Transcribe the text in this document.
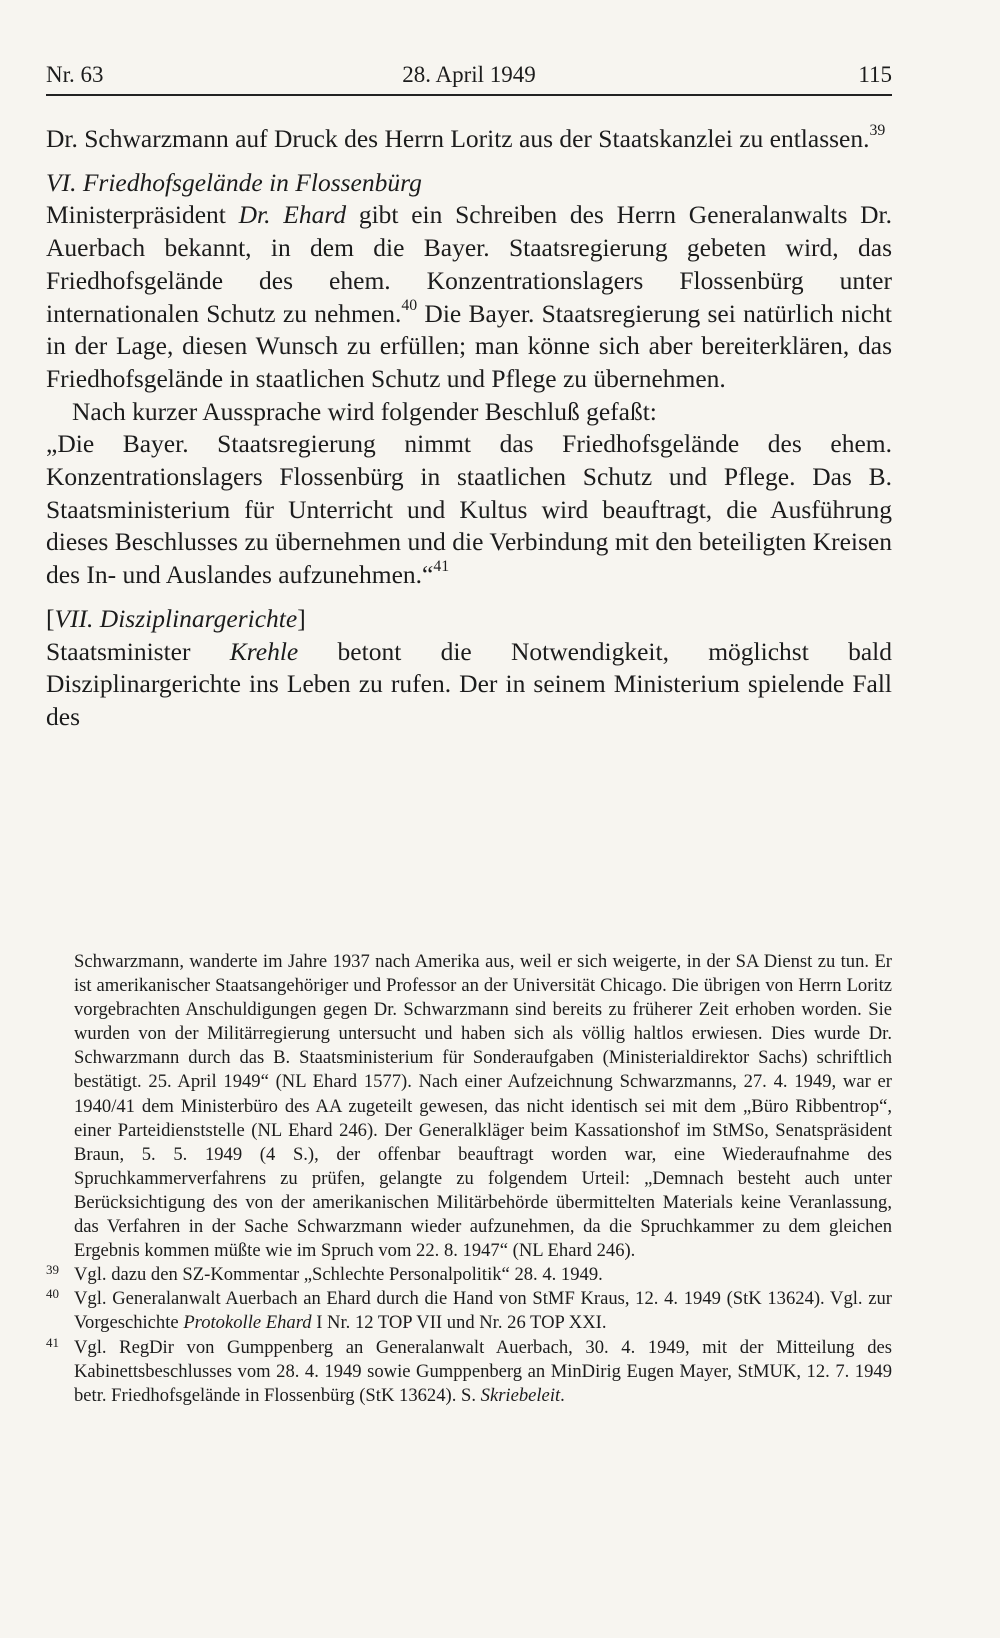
Nr. 63	28. April 1949	115

Dr. Schwarzmann auf Druck des Herrn Loritz aus der Staatskanzlei zu entlassen.$^{39}$

VI. Friedhofsgelände in Flossenbürg

Ministerpräsident Dr. Ehard gibt ein Schreiben des Herrn Generalanwalts Dr. Auerbach bekannt, in dem die Bayer. Staatsregierung gebeten wird, das Friedhofsgelände des ehem. Konzentrationslagers Flossenbürg unter internationalen Schutz zu nehmen.$^{40}$ Die Bayer. Staatsregierung sei natürlich nicht in der Lage, diesen Wunsch zu erfüllen; man könne sich aber bereiterklären, das Friedhofsgelände in staatlichen Schutz und Pflege zu übernehmen.

Nach kurzer Aussprache wird folgender Beschluß gefaßt:

„Die Bayer. Staatsregierung nimmt das Friedhofsgelände des ehem. Konzentrationslagers Flossenbürg in staatlichen Schutz und Pflege. Das B. Staatsministerium für Unterricht und Kultus wird beauftragt, die Ausführung dieses Beschlusses zu übernehmen und die Verbindung mit den beteiligten Kreisen des In- und Auslandes aufzunehmen.“$^{41}$

[VII. Disziplinargerichte]

Staatsminister Krehle betont die Notwendigkeit, möglichst bald Disziplinargerichte ins Leben zu rufen. Der in seinem Ministerium spielende Fall des

Schwarzmann, wanderte im Jahre 1937 nach Amerika aus, weil er sich weigerte, in der SA Dienst zu tun. Er ist amerikanischer Staatsangehöriger und Professor an der Universität Chicago. Die übrigen von Herrn Loritz vorgebrachten Anschuldigungen gegen Dr. Schwarzmann sind bereits zu früherer Zeit erhoben worden. Sie wurden von der Militärregierung untersucht und haben sich als völlig haltlos erwiesen. Dies wurde Dr. Schwarzmann durch das B. Staatsministerium für Sonderaufgaben (Ministerialdirektor Sachs) schriftlich bestätigt. 25. April 1949“ (NL Ehard 1577). Nach einer Aufzeichnung Schwarzmanns, 27. 4. 1949, war er 1940/41 dem Ministerbüro des AA zugeteilt gewesen, das nicht identisch sei mit dem „Büro Ribbentrop“, einer Parteidienststelle (NL Ehard 246). Der Generalkläger beim Kassationshof im StMSo, Senatspräsident Braun, 5. 5. 1949 (4 S.), der offenbar beauftragt worden war, eine Wiederaufnahme des Spruchkammerverfahrens zu prüfen, gelangte zu folgendem Urteil: „Demnach besteht auch unter Berücksichtigung des von der amerikanischen Militärbehörde übermittelten Materials keine Veranlassung, das Verfahren in der Sache Schwarzmann wieder aufzunehmen, da die Spruchkammer zu dem gleichen Ergebnis kommen müßte wie im Spruch vom 22. 8. 1947“ (NL Ehard 246).

39 Vgl. dazu den SZ-Kommentar „Schlechte Personalpolitik“ 28. 4. 1949.

40 Vgl. Generalanwalt Auerbach an Ehard durch die Hand von StMF Kraus, 12. 4. 1949 (StK 13624). Vgl. zur Vorgeschichte Protokolle Ehard I Nr. 12 TOP VII und Nr. 26 TOP XXI.

41 Vgl. RegDir von Gumppenberg an Generalanwalt Auerbach, 30. 4. 1949, mit der Mitteilung des Kabinettsbeschlusses vom 28. 4. 1949 sowie Gumppenberg an MinDirig Eugen Mayer, StMUK, 12. 7. 1949 betr. Friedhofsgelände in Flossenbürg (StK 13624). S. Skriebeleit.
